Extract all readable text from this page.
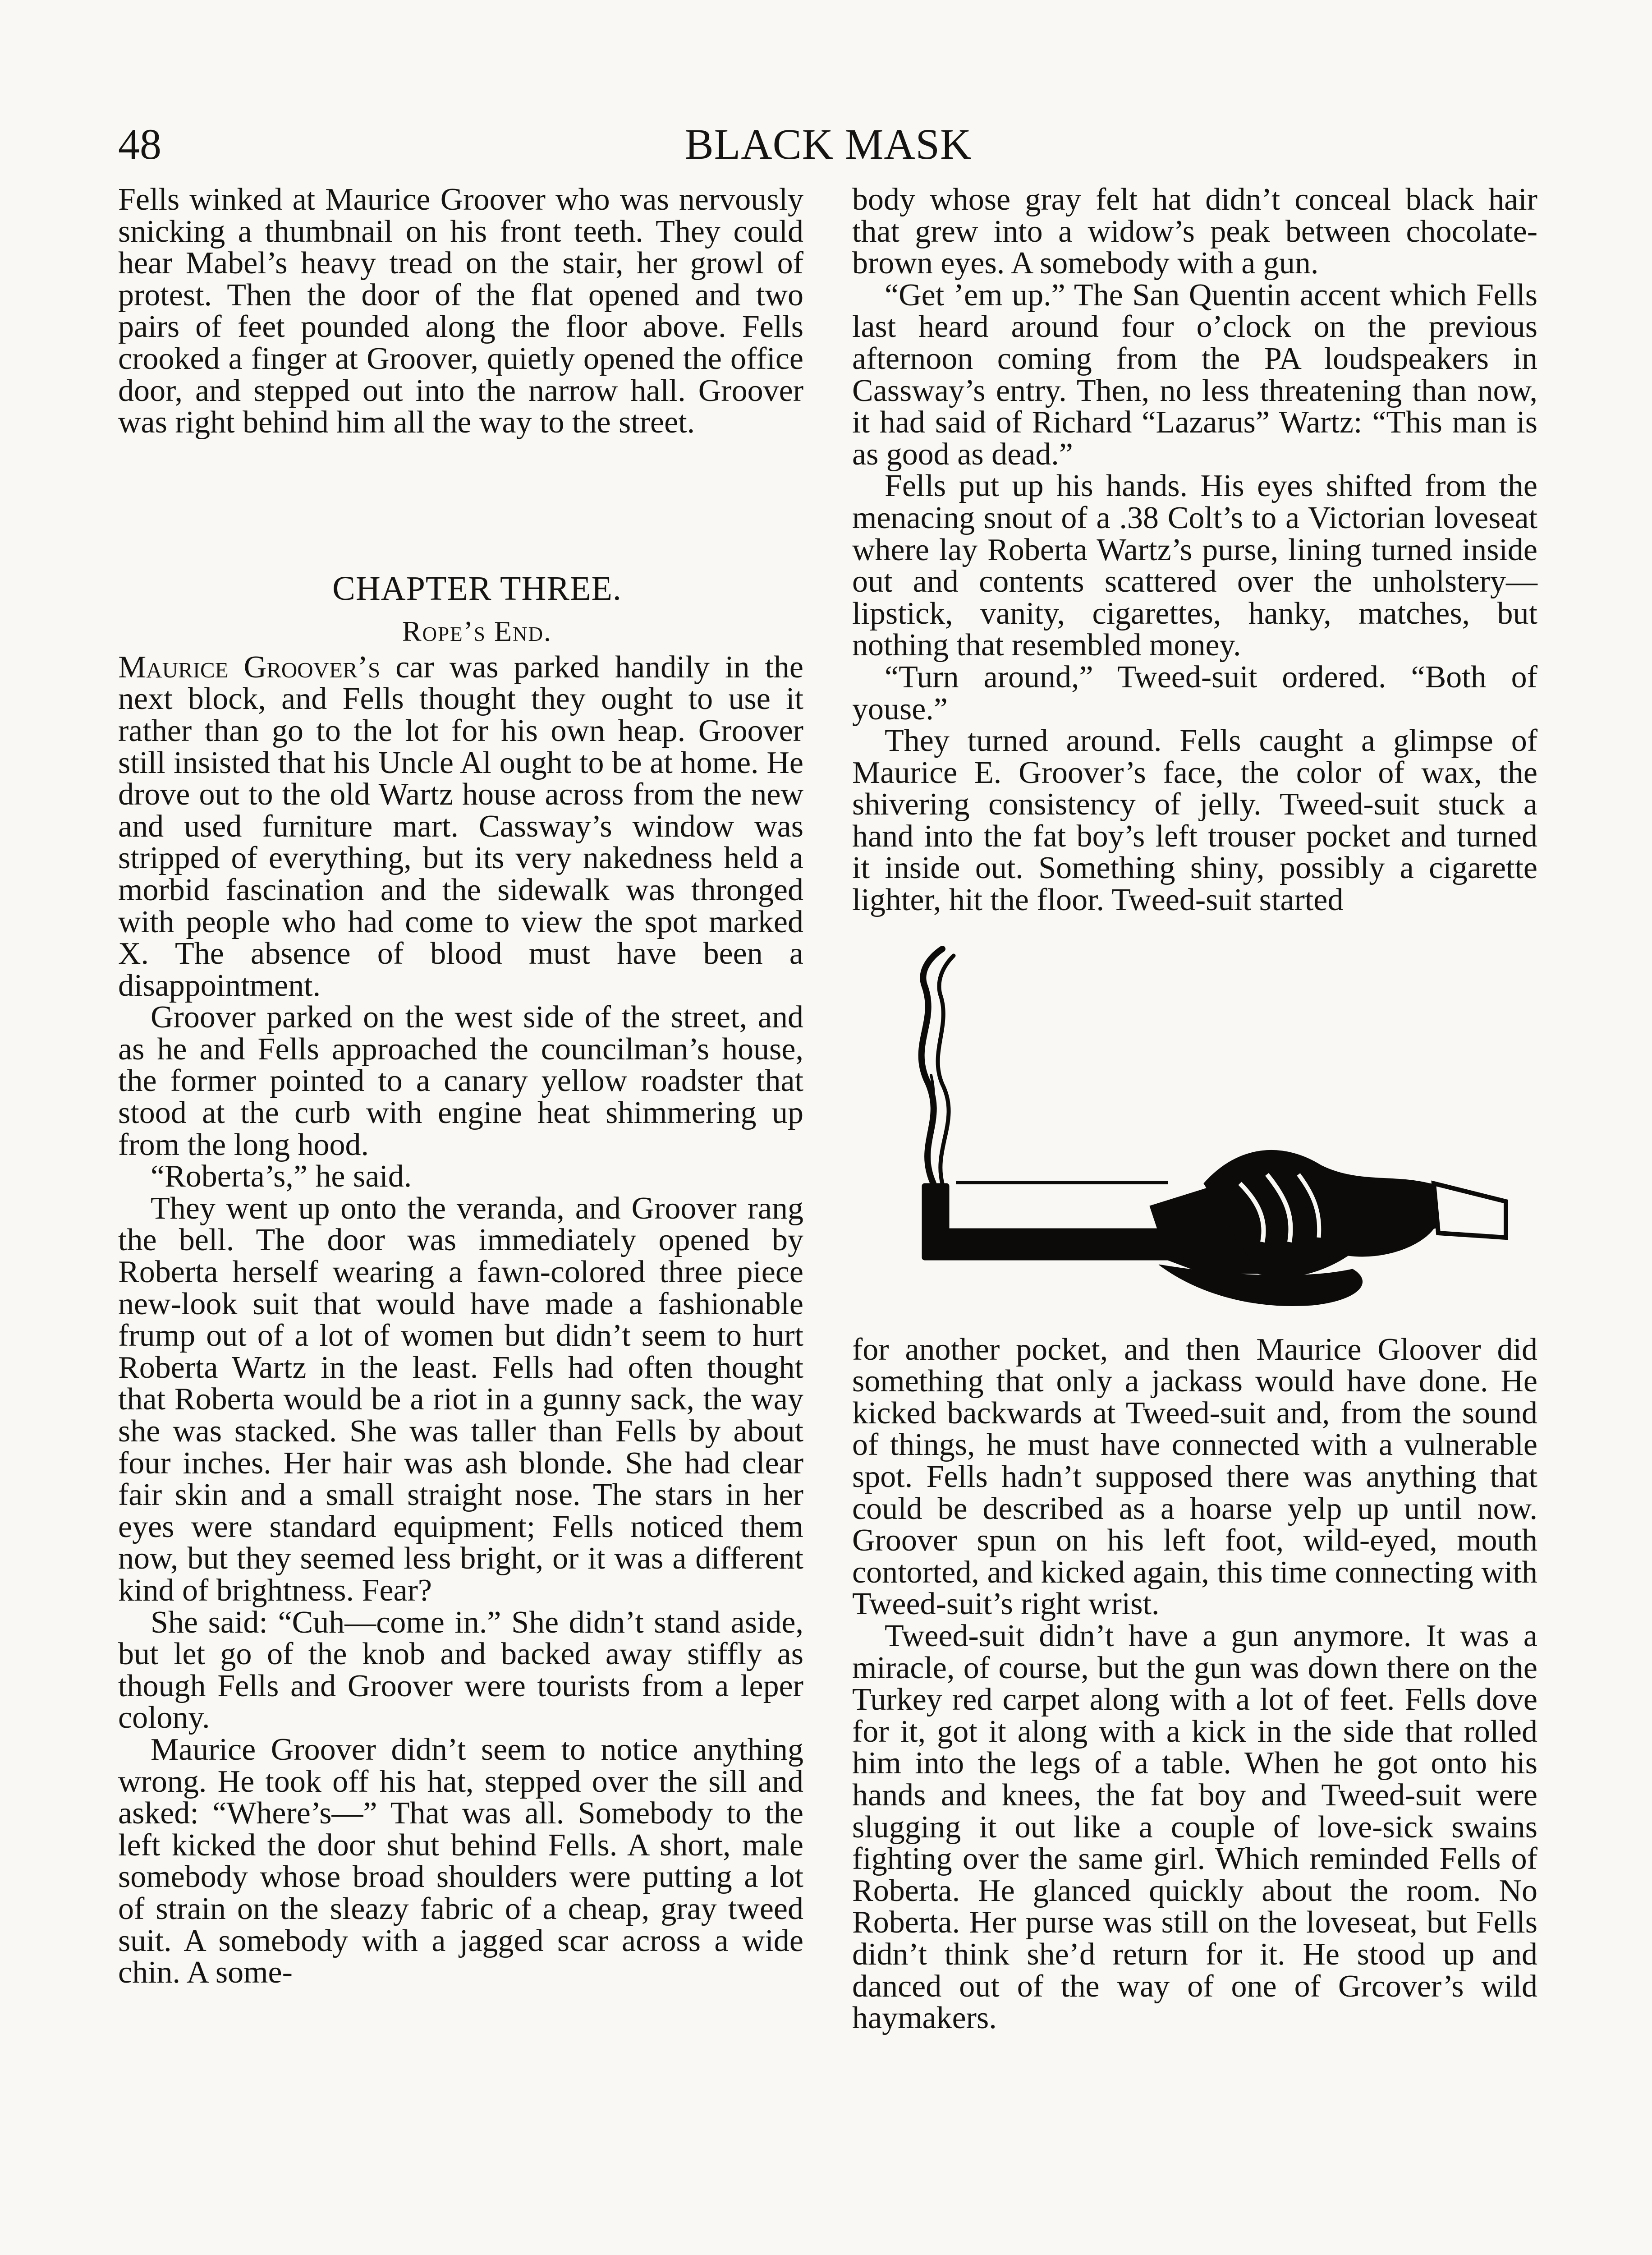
48	BLACK MASK

Fells winked at Maurice Groover who was nervously snicking a thumbnail on his front teeth. They could hear Mabel’s heavy tread on the stair, her growl of protest. Then the door of the flat opened and two pairs of feet pounded along the floor above. Fells crooked a finger at Groover, quietly opened the office door, and stepped out into the narrow hall. Groover was right behind him all the way to the street.

CHAPTER THREE.

Rope’s End.

Maurice Groover’s car was parked handily in the next block, and Fells thought they ought to use it rather than go to the lot for his own heap. Groover still insisted that his Uncle Al ought to be at home. He drove out to the old Wartz house across from the new and used furniture mart. Cassway’s window was stripped of everything, but its very nakedness held a morbid fascination and the sidewalk was thronged with people who had come to view the spot marked X. The absence of blood must have been a disappointment.

Groover parked on the west side of the street, and as he and Fells approached the councilman’s house, the former pointed to a canary yellow roadster that stood at the curb with engine heat shimmering up from the long hood.

“Roberta’s,” he said.

They went up onto the veranda, and Groover rang the bell. The door was immediately opened by Roberta herself wearing a fawn-colored three piece new-look suit that would have made a fashionable frump out of a lot of women but didn’t seem to hurt Roberta Wartz in the least. Fells had often thought that Roberta would be a riot in a gunny sack, the way she was stacked. She was taller than Fells by about four inches. Her hair was ash blonde. She had clear fair skin and a small straight nose. The stars in her eyes were standard equipment; Fells noticed them now, but they seemed less bright, or it was a different kind of brightness. Fear?

She said: “Cuh—come in.” She didn’t stand aside, but let go of the knob and backed away stiffly as though Fells and Groover were tourists from a leper colony.

Maurice Groover didn’t seem to notice anything wrong. He took off his hat, stepped over the sill and asked: “Where’s—” That was all. Somebody to the left kicked the door shut behind Fells. A short, male somebody whose broad shoulders were putting a lot of strain on the sleazy fabric of a cheap, gray tweed suit. A somebody with a jagged scar across a wide chin. A some-

body whose gray felt hat didn’t conceal black hair that grew into a widow’s peak between chocolate-brown eyes. A somebody with a gun.

“Get ’em up.” The San Quentin accent which Fells last heard around four o’clock on the previous afternoon coming from the PA loudspeakers in Cassway’s entry. Then, no less threatening than now, it had said of Richard “Lazarus” Wartz: “This man is as good as dead.”

Fells put up his hands. His eyes shifted from the menacing snout of a .38 Colt’s to a Victorian loveseat where lay Roberta Wartz’s purse, lining turned inside out and contents scattered over the unholstery—lipstick, vanity, cigarettes, hanky, matches, but nothing that resembled money.

“Turn around,” Tweed-suit ordered. “Both of youse.”

They turned around. Fells caught a glimpse of Maurice E. Groover’s face, the color of wax, the shivering consistency of jelly. Tweed-suit stuck a hand into the fat boy’s left trouser pocket and turned it inside out. Something shiny, possibly a cigarette lighter, hit the floor. Tweed-suit started

for another pocket, and then Maurice Gloover did something that only a jackass would have done. He kicked backwards at Tweed-suit and, from the sound of things, he must have connected with a vulnerable spot. Fells hadn’t supposed there was anything that could be described as a hoarse yelp up until now. Groover spun on his left foot, wild-eyed, mouth contorted, and kicked again, this time connecting with Tweed-suit’s right wrist.

Tweed-suit didn’t have a gun anymore. It was a miracle, of course, but the gun was down there on the Turkey red carpet along with a lot of feet. Fells dove for it, got it along with a kick in the side that rolled him into the legs of a table. When he got onto his hands and knees, the fat boy and Tweed-suit were slugging it out like a couple of love-sick swains fighting over the same girl. Which reminded Fells of Roberta. He glanced quickly about the room. No Roberta. Her purse was still on the loveseat, but Fells didn’t think she’d return for it. He stood up and danced out of the way of one of Grcover’s wild haymakers.
